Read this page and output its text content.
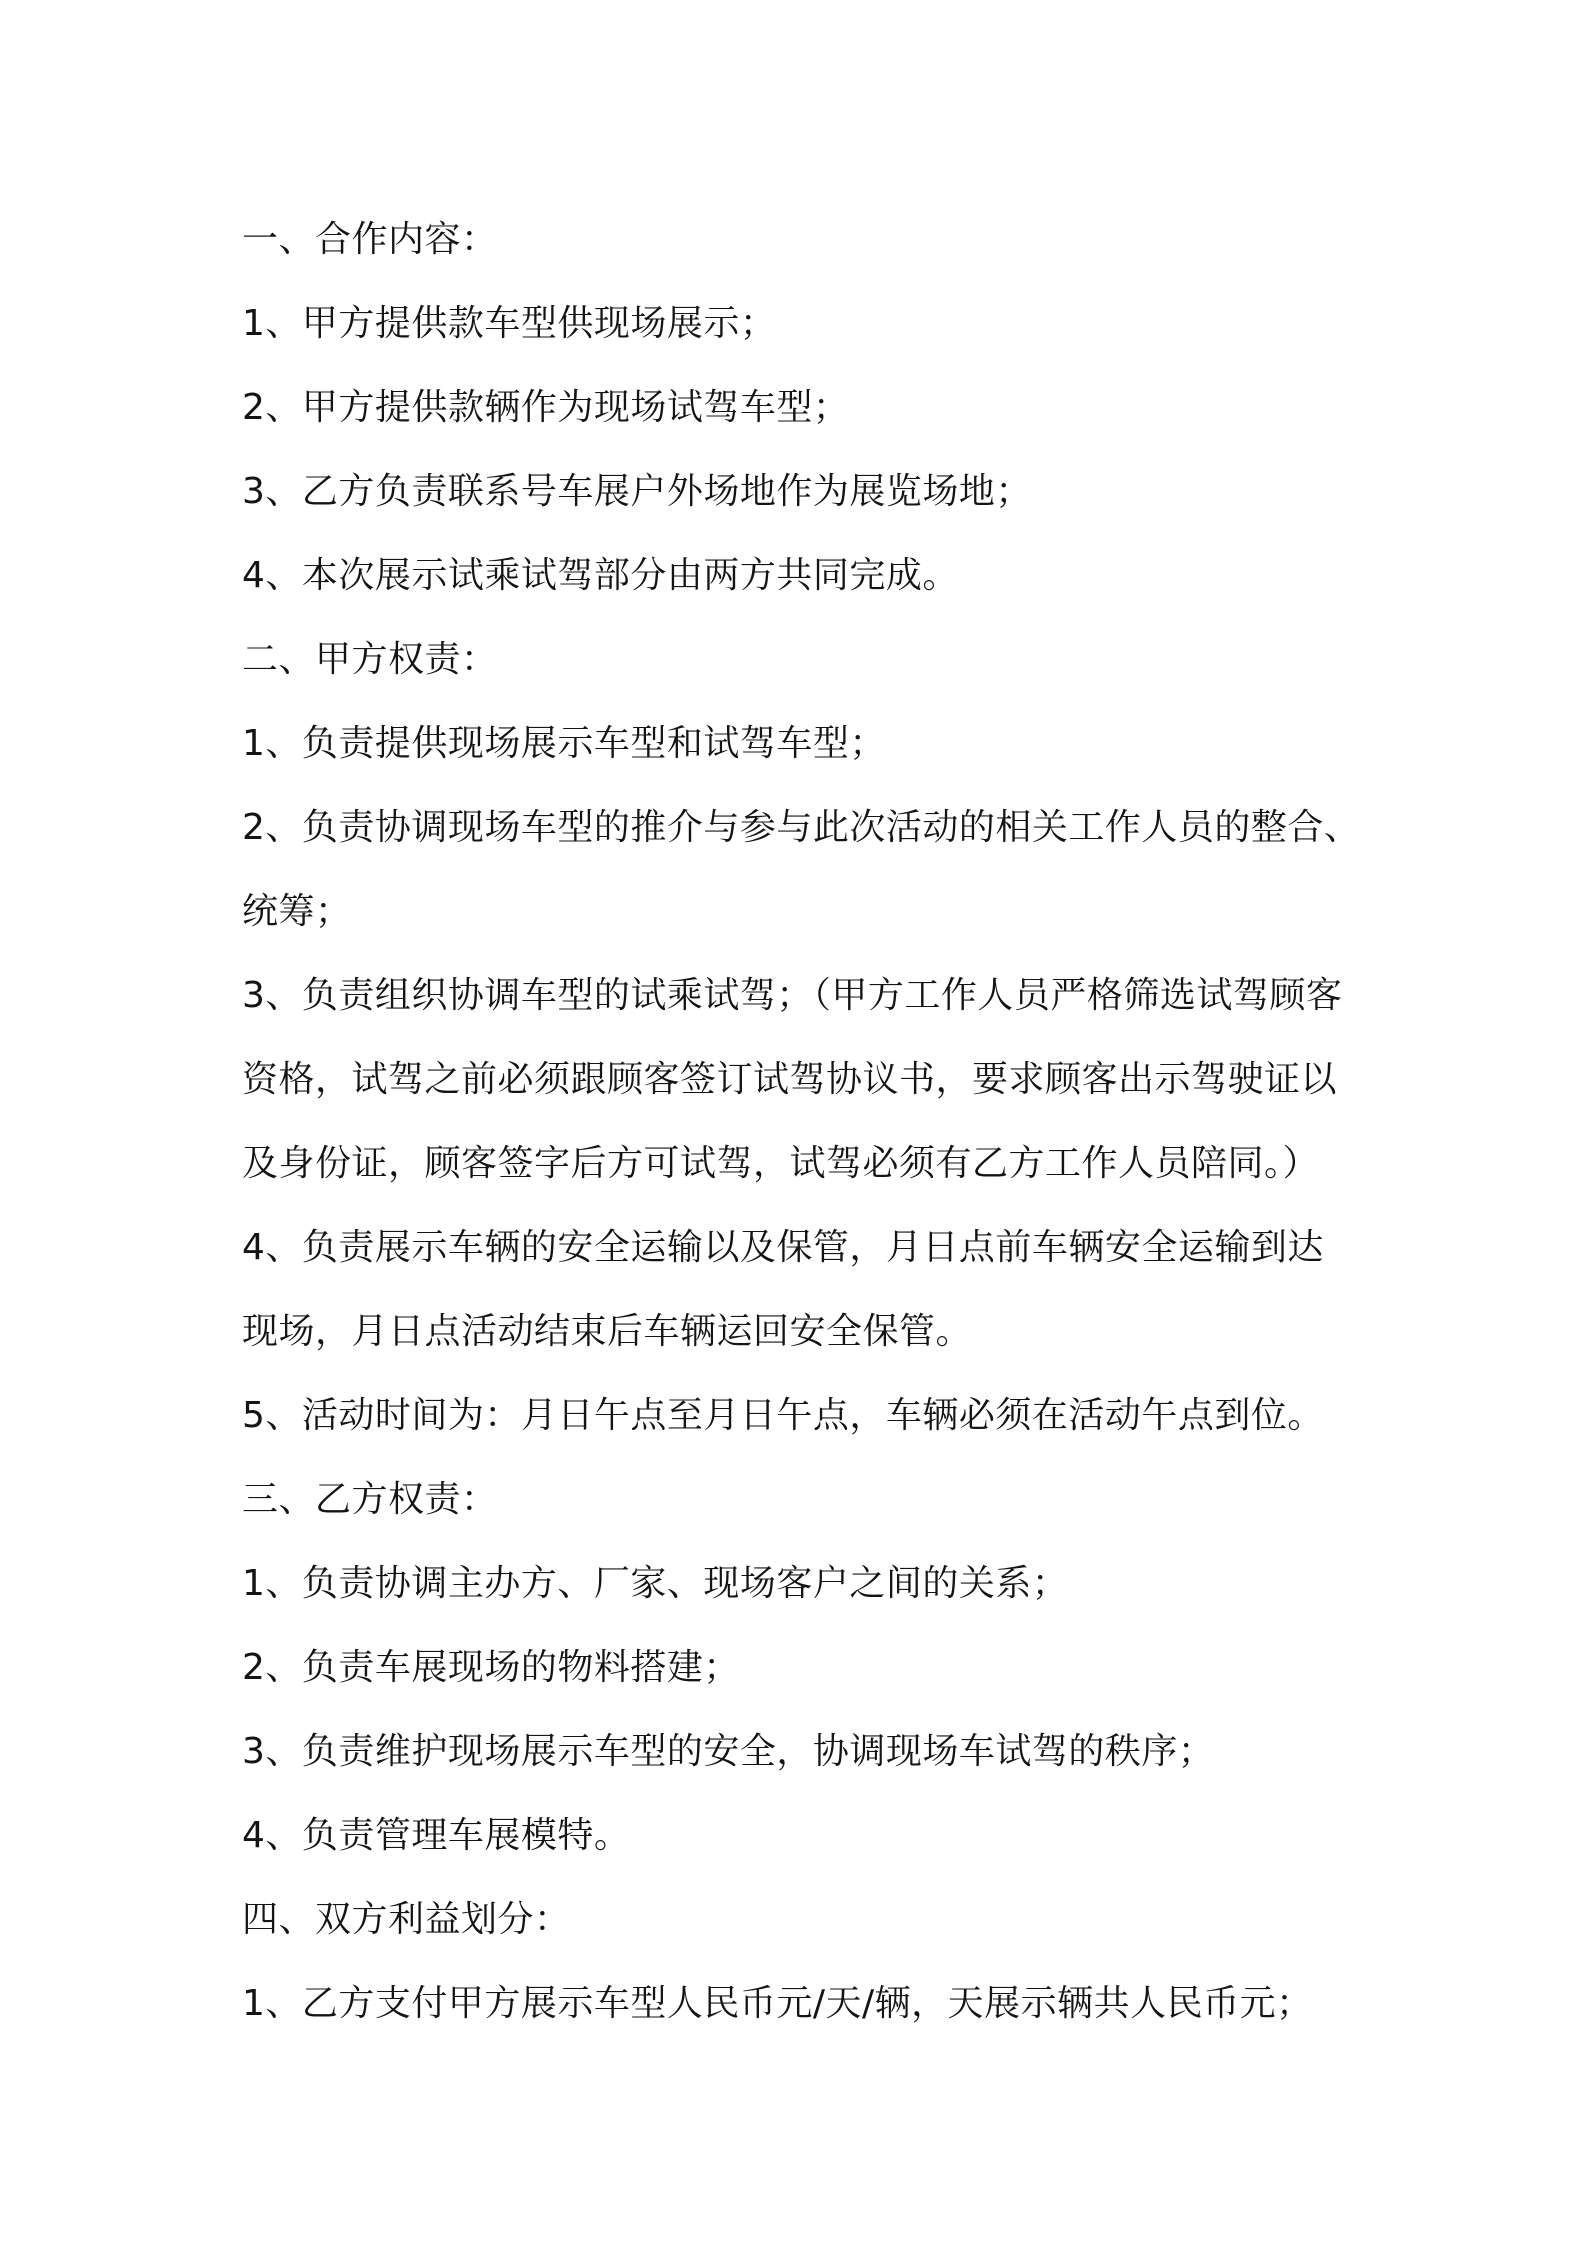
一、合作内容：

1、甲方提供款车型供现场展示；

2、甲方提供款辆作为现场试驾车型；

3、乙方负责联系号车展户外场地作为展览场地；

4、本次展示试乘试驾部分由两方共同完成。

二、甲方权责：

1、负责提供现场展示车型和试驾车型；

2、负责协调现场车型的推介与参与此次活动的相关工作人员的整合、

统筹；

3、负责组织协调车型的试乘试驾；（甲方工作人员严格筛选试驾顾客

资格，试驾之前必须跟顾客签订试驾协议书，要求顾客出示驾驶证以

及身份证，顾客签字后方可试驾，试驾必须有乙方工作人员陪同。）

4、负责展示车辆的安全运输以及保管，月日点前车辆安全运输到达

现场，月日点活动结束后车辆运回安全保管。

5、活动时间为：月日午点至月日午点，车辆必须在活动午点到位。

三、乙方权责：

1、负责协调主办方、厂家、现场客户之间的关系；

2、负责车展现场的物料搭建；

3、负责维护现场展示车型的安全，协调现场车试驾的秩序；

4、负责管理车展模特。

四、双方利益划分：

1、乙方支付甲方展示车型人民币元/天/辆，天展示辆共人民币元；
